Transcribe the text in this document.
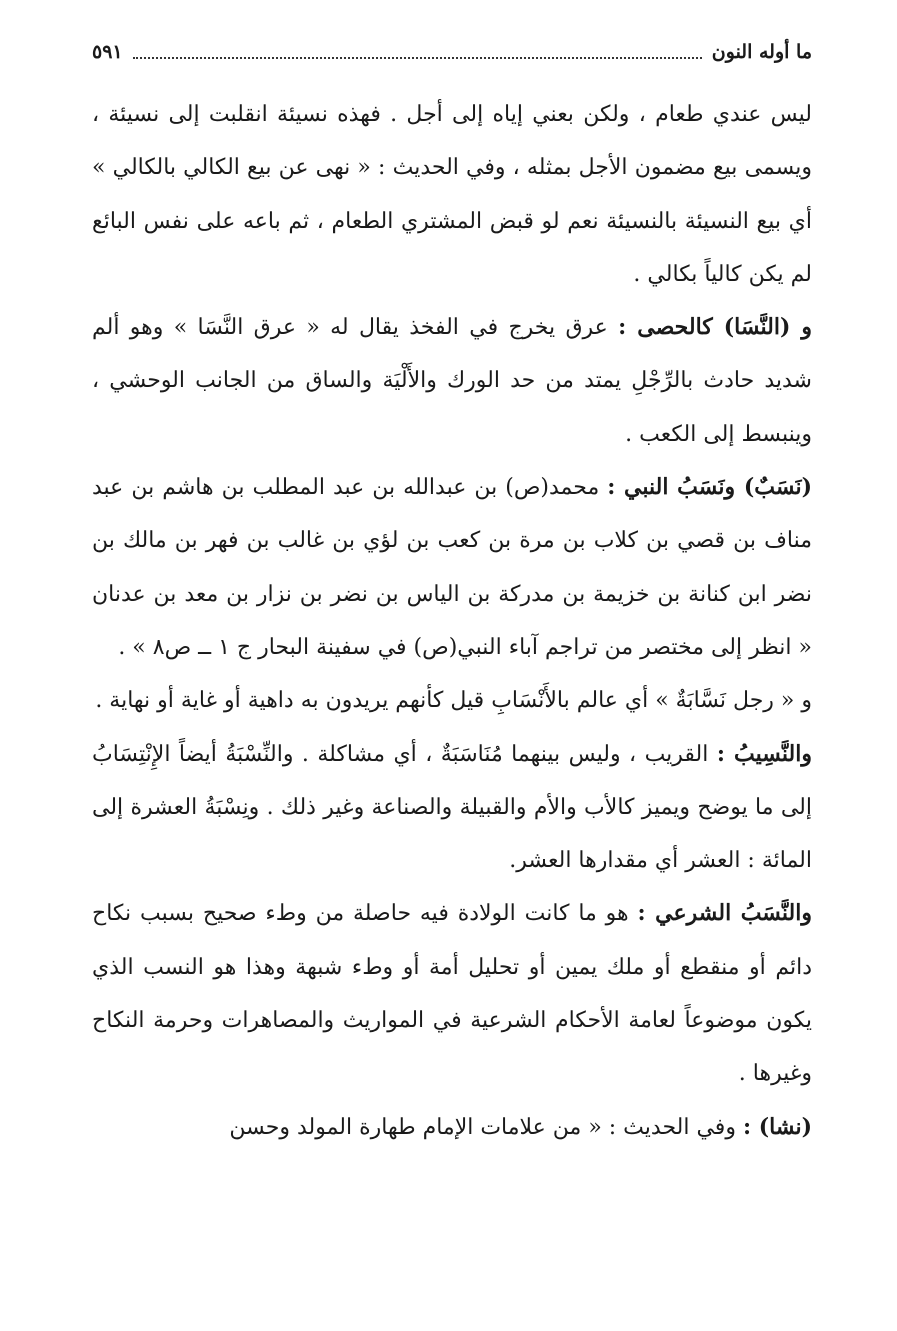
ما أوله النون
٥٩١

ليس عندي طعام ، ولكن بعني إياه إلى أجل . فهذه نسيئة انقلبت إلى نسيئة ، ويسمى بيع مضمون الأجل بمثله ، وفي الحديث : « نهى عن بيع الكالي بالكالي » أي بيع النسيئة بالنسيئة نعم لو قبض المشتري الطعام ، ثم باعه على نفس البائع لم يكن كالياً بكالي .

و (النَّسَا) كالحصى : عرق يخرج في الفخذ يقال له « عرق النَّسَا » وهو ألم شديد حادث بالرِّجْلِ يمتد من حد الورك والأَلْيَة والساق من الجانب الوحشي ، وينبسط إلى الكعب .

(نَسَبٌ) ونَسَبُ النبي : محمد(ص) بن عبدالله بن عبد المطلب بن هاشم بن عبد مناف بن قصي بن كلاب بن مرة بن كعب بن لؤي بن غالب بن فهر بن مالك بن نضر ابن كنانة بن خزيمة بن مدركة بن الياس بن نضر بن نزار بن معد بن عدنان « انظر إلى مختصر من تراجم آباء النبي(ص) في سفينة البحار ج ١ ــ ص٨ » .

و « رجل نَسَّابَةٌ » أي عالم بالأَنْسَابِ قيل كأنهم يريدون به داهية أو غاية أو نهاية .

والنَّسِيبُ : القريب ، وليس بينهما مُنَاسَبَةٌ ، أي مشاكلة . والنِّسْبَةُ أيضاً الإِنْتِسَابُ إلى ما يوضح ويميز كالأب والأم والقبيلة والصناعة وغير ذلك . ونِسْبَةُ العشرة إلى المائة : العشر أي مقدارها العشر.

والنَّسَبُ الشرعي : هو ما كانت الولادة فيه حاصلة من وطء صحيح بسبب نكاح دائم أو منقطع أو ملك يمين أو تحليل أمة أو وطء شبهة وهذا هو النسب الذي يكون موضوعاً لعامة الأحكام الشرعية في المواريث والمصاهرات وحرمة النكاح وغيرها .

(نشا) : وفي الحديث : « من علامات الإمام طهارة المولد وحسن
